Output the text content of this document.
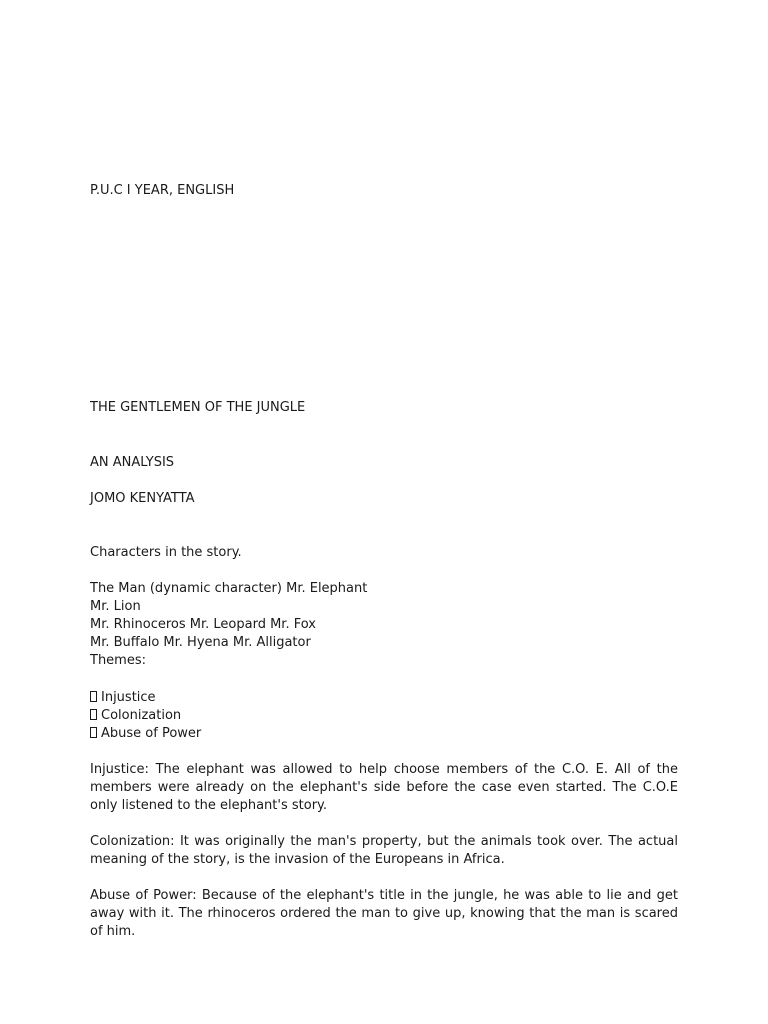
P.U.C I YEAR, ENGLISH

THE GENTLEMEN OF THE JUNGLE

AN ANALYSIS

JOMO KENYATTA

Characters in the story.

The Man (dynamic character) Mr. Elephant

Mr. Lion

Mr. Rhinoceros Mr. Leopard Mr. Fox

Mr. Buffalo Mr. Hyena Mr. Alligator

Themes:

Injustice

Colonization

Abuse of Power

Injustice: The elephant was allowed to help choose members of the C.O. E. All of the members were already on the elephant's side before the case even started. The C.O.E only listened to the elephant's story.

Colonization: It was originally the man's property, but the animals took over. The actual meaning of the story, is the invasion of the Europeans in Africa.

Abuse of Power: Because of the elephant's title in the jungle, he was able to lie and get away with it. The rhinoceros ordered the man to give up, knowing that the man is scared of him.
